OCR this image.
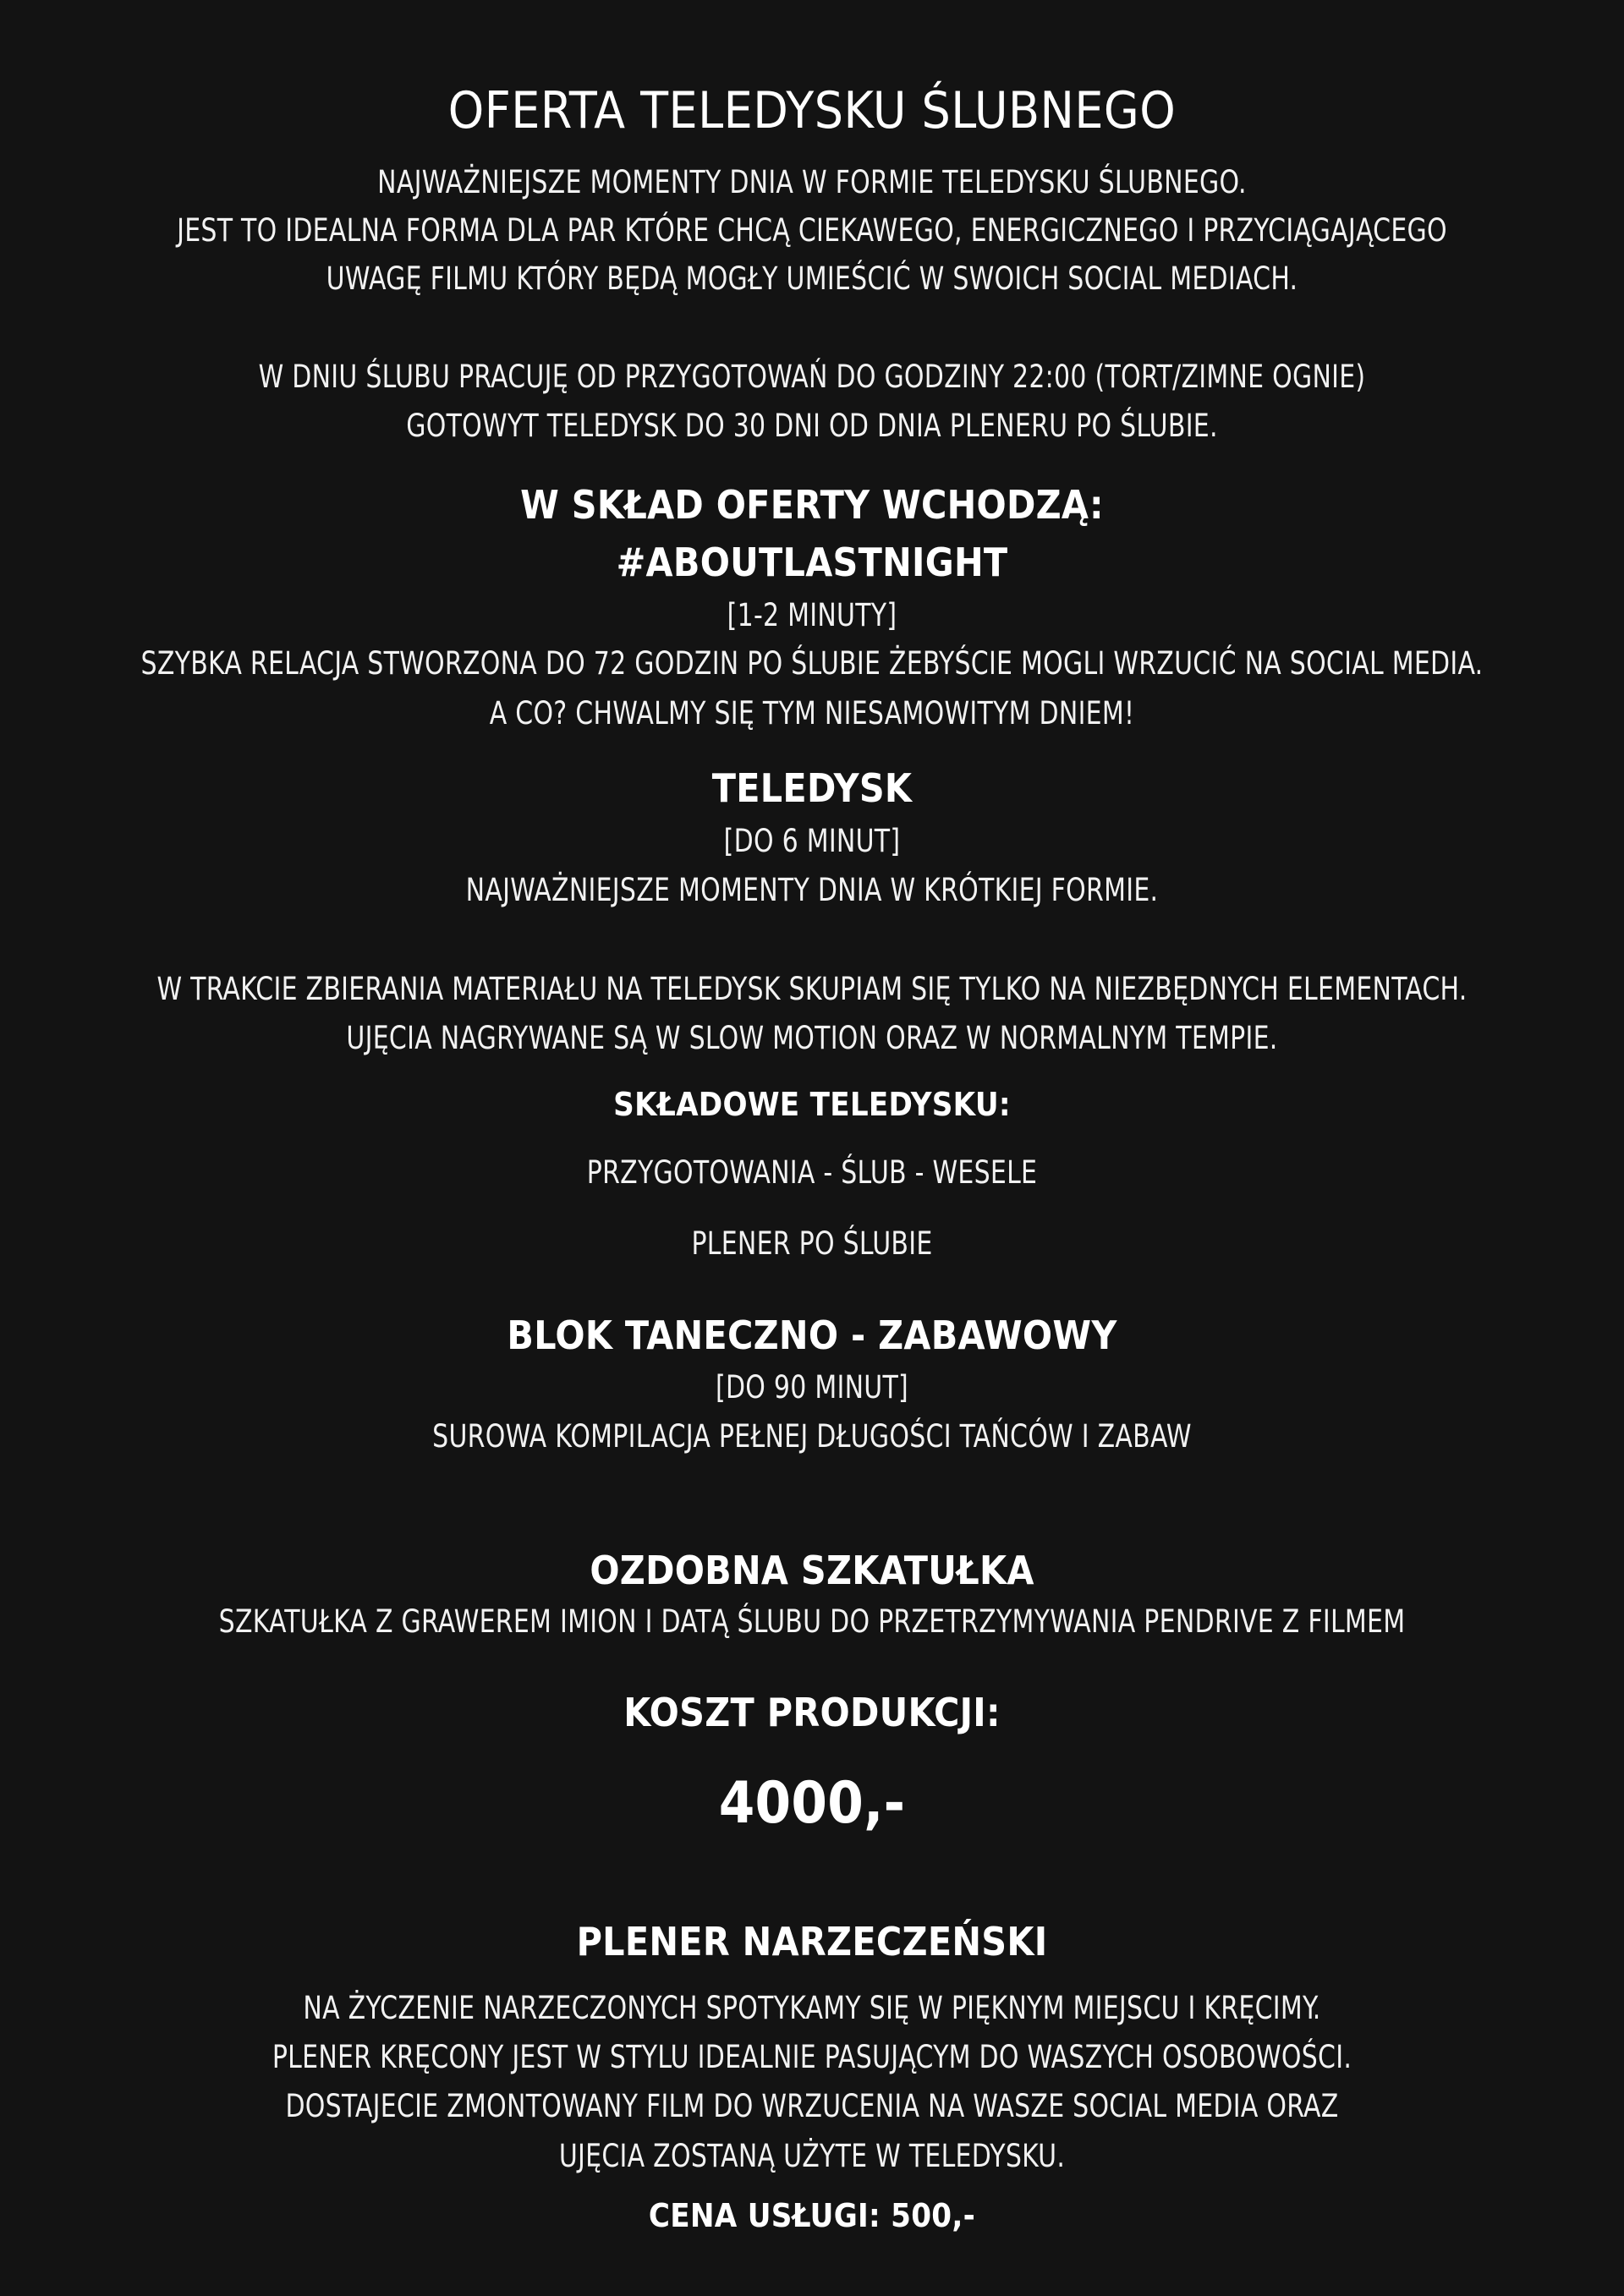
OFERTA TELEDYSKU ŚLUBNEGO

NAJWAŻNIEJSZE MOMENTY DNIA W FORMIE TELEDYSKU ŚLUBNEGO.

JEST TO IDEALNA FORMA DLA PAR KTÓRE CHCĄ CIEKAWEGO, ENERGICZNEGO I PRZYCIĄGAJĄCEGO

UWAGĘ FILMU KTÓRY BĘDĄ MOGŁY UMIEŚCIĆ W SWOICH SOCIAL MEDIACH.

W DNIU ŚLUBU PRACUJĘ OD PRZYGOTOWAŃ DO GODZINY 22:00 (TORT/ZIMNE OGNIE)

GOTOWYT TELEDYSK DO 30 DNI OD DNIA PLENERU PO ŚLUBIE.

W SKŁAD OFERTY WCHODZĄ:
#ABOUTLASTNIGHT

[1-2 MINUTY]

SZYBKA RELACJA STWORZONA DO 72 GODZIN PO ŚLUBIE ŻEBYŚCIE MOGLI WRZUCIĆ NA SOCIAL MEDIA.

A CO? CHWALMY SIĘ TYM NIESAMOWITYM DNIEM!

TELEDYSK

[DO 6 MINUT]

NAJWAŻNIEJSZE MOMENTY DNIA W KRÓTKIEJ FORMIE.

W TRAKCIE ZBIERANIA MATERIAŁU NA TELEDYSK SKUPIAM SIĘ TYLKO NA NIEZBĘDNYCH ELEMENTACH.

UJĘCIA NAGRYWANE SĄ W SLOW MOTION ORAZ W NORMALNYM TEMPIE.

SKŁADOWE TELEDYSKU:

PRZYGOTOWANIA - ŚLUB - WESELE

PLENER PO ŚLUBIE

BLOK TANECZNO - ZABAWOWY

[DO 90 MINUT]

SUROWA KOMPILACJA PEŁNEJ DŁUGOŚCI TAŃCÓW I ZABAW

OZDOBNA SZKATUŁKA

SZKATUŁKA Z GRAWEREM IMION I DATĄ ŚLUBU DO PRZETRZYMYWANIA PENDRIVE Z FILMEM

KOSZT PRODUKCJI:

4000,-

PLENER NARZECZEŃSKI

NA ŻYCZENIE NARZECZONYCH SPOTYKAMY SIĘ W PIĘKNYM MIEJSCU I KRĘCIMY.

PLENER KRĘCONY JEST W STYLU IDEALNIE PASUJĄCYM DO WASZYCH OSOBOWOŚCI.

DOSTAJECIE ZMONTOWANY FILM DO WRZUCENIA NA WASZE SOCIAL MEDIA ORAZ

UJĘCIA ZOSTANĄ UŻYTE W TELEDYSKU.

CENA USŁUGI: 500,-
